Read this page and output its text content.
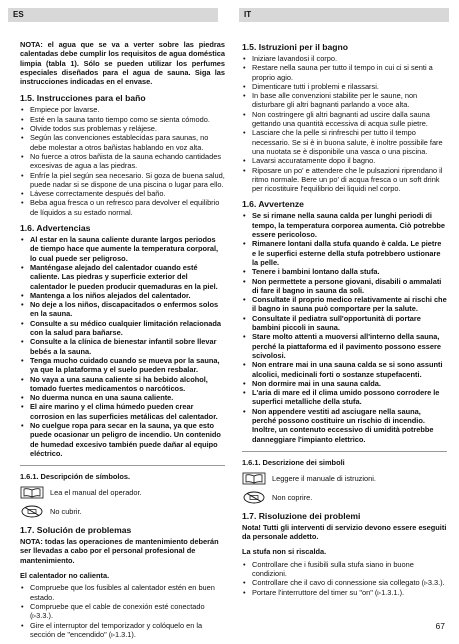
ES	IT

NOTA: el agua que se va a verter sobre las piedras calentadas debe cumplir los requisitos de agua doméstica limpia (tabla 1). Sólo se pueden utilizar los perfumes especiales diseñados para el agua de sauna. Siga las instrucciones indicadas en el envase.

1.5. Instrucciones para el baño
• Empiece por lavarse.
• Esté en la sauna tanto tiempo como se sienta cómodo.
• Olvide todos sus problemas y relájese.
• Según las convenciones establecidas para saunas, no debe molestar a otros bañistas hablando en voz alta.
• No fuerce a otros bañista de la sauna echando cantidades excesivas de agua a las piedras.
• Enfríe la piel según sea necesario. Si goza de buena salud, puede nadar si se dispone de una piscina o lugar para ello.
• Lávese correctamente después del baño.
• Beba agua fresca o un refresco para devolver el equilibrio de líquidos a su estado normal.
1.6. Advertencias
• Al estar en la sauna caliente durante largos periodos de tiempo hace que aumente la temperatura corporal, lo cual puede ser peligroso.
• Manténgase alejado del calentador cuando esté caliente. Las piedras y superficie exterior del calentador le pueden producir quemaduras en la piel.
• Mantenga a los niños alejados del calentador.
• No deje a los niños, discapacitados o enfermos solos en la sauna.
• Consulte a su médico cualquier limitación relacionada con la salud para bañarse.
• Consulte a la clínica de bienestar infantil sobre llevar bebés a la sauna.
• Tenga mucho cuidado cuando se mueva por la sauna, ya que la plataforma y el suelo pueden resbalar.
• No vaya a una sauna caliente si ha bebido alcohol, tomado fuertes medicamentos o narcóticos.
• No duerma nunca en una sauna caliente.
• El aire marino y el clima húmedo pueden crear corrosion en las superficies metálicas del calentador.
• No cuelgue ropa para secar en la sauna, ya que esto puede ocasionar un peligro de incendio. Un contenido de humedad excesivo también puede dañar al equipo eléctrico.
1.6.1. Descripción de símbolos.
Lea el manual del operador.
No cubrir.
1.7. Solución de problemas

NOTA: todas las operaciones de mantenimiento deberán ser llevadas a cabo por el personal profesional de mantenimiento.

El calentador no calienta.

• Compruebe que los fusibles al calentador estén en buen estado.
• Compruebe que el cable de conexión esté conectado (▹3.3.).
• Gire el interruptor del temporizador y colóquelo en la sección de "encendido" (▹1.3.1).
1.5. Istruzioni per il bagno
• Iniziare lavandosi il corpo.
• Restare nella sauna per tutto il tempo in cui ci si senti a proprio agio.
• Dimenticare tutti i problemi e rilassarsi.
• In base alle convenzioni stabilite per le saune, non disturbare gli altri bagnanti parlando a voce alta.
• Non costringere gli altri bagnanti ad uscire dalla sauna gettando una quantità eccessiva di acqua sulle pietre.
• Lasciare che la pelle si rinfreschi per tutto il tempo necessario. Se si è in buona salute, è inoltre possibile fare una nuotata se è disponibile una vasca o una piscina.
• Lavarsi accuratamente dopo il bagno.
• Riposare un po' e attendere che le pulsazioni riprendano il ritmo normale. Bere un po' di acqua fresca o un soft drink per ricostituire l'equilibrio dei liquidi nel corpo.
1.6. Avvertenze
• Se si rimane nella sauna calda per lunghi periodi di tempo, la temperatura corporea aumenta. Ciò potrebbe essere pericoloso.
• Rimanere lontani dalla stufa quando è calda. Le pietre e le superfici esterne della stufa potrebbero ustionare la pelle.
• Tenere i bambini lontano dalla stufa.
• Non permettete a persone giovani, disabili o ammalati di fare il bagno in sauna da soli.
• Consultate il proprio medico relativamente ai rischi che il bagno in sauna può comportare per la salute.
• Consultate il pediatra sull'opportunità di portare bambini piccoli in sauna.
• Stare molto attenti a muoversi all'interno della sauna, perché la piattaforma ed il pavimento possono essere scivolosi.
• Non entrare mai in una sauna calda se si sono assunti alcolici, medicinali forti o sostanze stupefacenti.
• Non dormire mai in una sauna calda.
• L'aria di mare ed il clima umido possono corrodere le superfici metalliche della stufa.
• Non appendere vestiti ad asciugare nella sauna, perché possono costituire un rischio di incendio. Inoltre, un contenuto eccessivo di umidità potrebbe danneggiare l'impianto elettrico.
1.6.1. Descrizione dei simboli
Leggere il manuale di istruzioni.
Non coprire.
1.7. Risoluzione dei problemi

Nota! Tutti gli interventi di servizio devono essere eseguiti da personale addetto.

La stufa non si riscalda.

• Controllare che i fusibili sulla stufa siano in buone condizioni.
• Controllare che il cavo di connessione sia collegato (▹3.3.).
• Portare l'interruttore del timer su "on" (▹1.3.1.).
67
